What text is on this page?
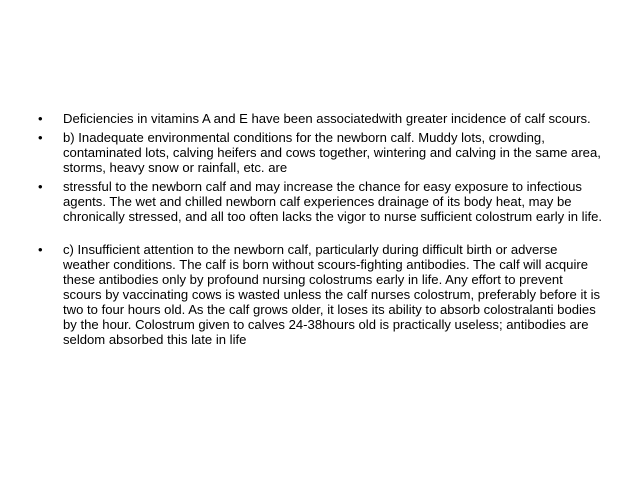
• Deficiencies in vitamins A and E have been associatedwith greater incidence of calf scours.
• b) Inadequate environmental conditions for the newborn calf. Muddy lots, crowding, contaminated lots, calving heifers and cows together, wintering and calving in the same area, storms, heavy snow or rainfall, etc. are
• stressful to the newborn calf and may increase the chance for easy exposure to infectious agents. The wet and chilled newborn calf experiences drainage of its body heat, may be chronically stressed, and all too often lacks the vigor to nurse sufficient colostrum early in life.
• c) Insufficient attention to the newborn calf, particularly during difficult birth or adverse weather conditions. The calf is born without scours-fighting antibodies. The calf will acquire these antibodies only by profound nursing colostrums early in life. Any effort to prevent scours by vaccinating cows is wasted unless the calf nurses colostrum, preferably before it is two to four hours old. As the calf grows older, it loses its ability to absorb colostralanti bodies by the hour. Colostrum given to calves 24-38hours old is practically useless; antibodies are seldom absorbed this late in life
